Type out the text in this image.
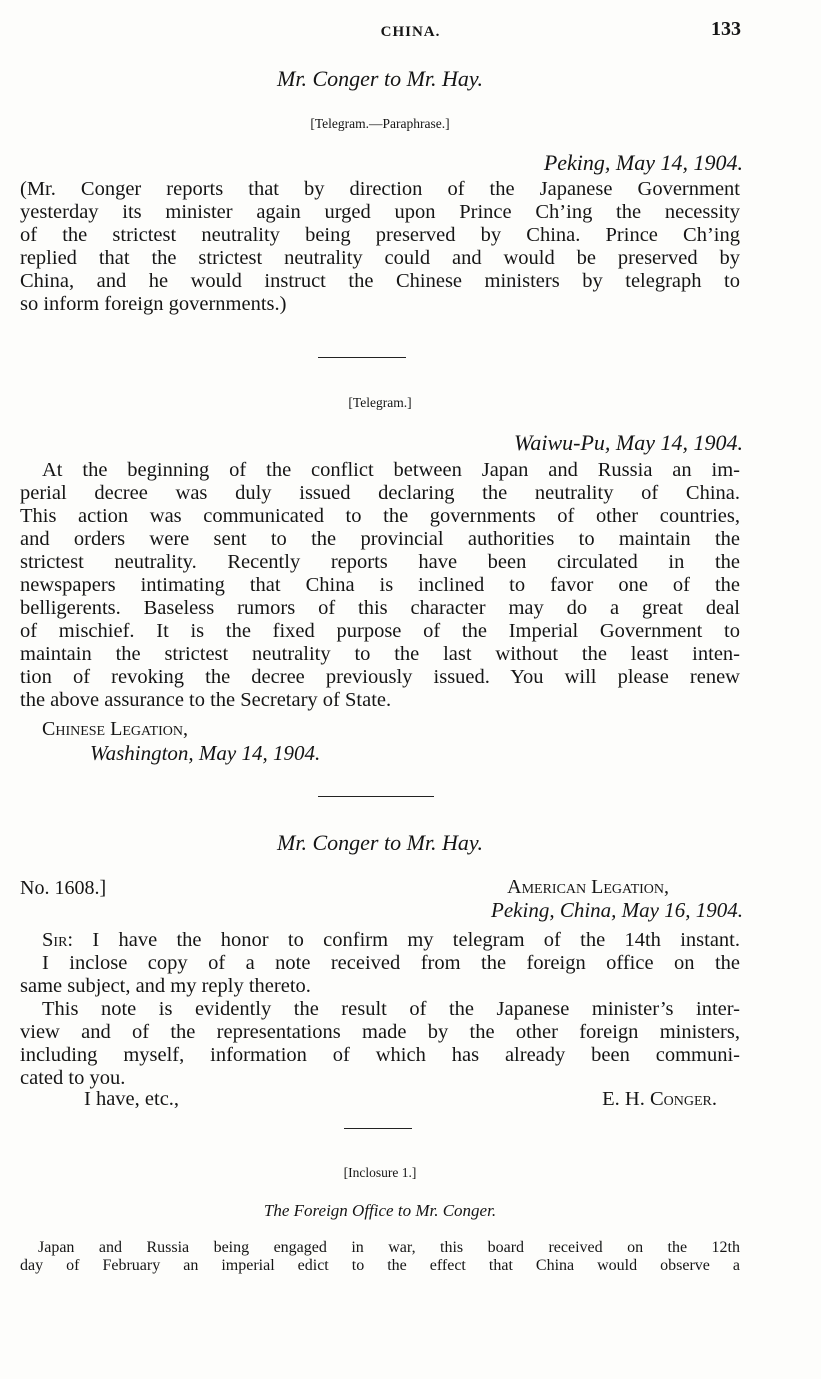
CHINA.	133
Mr. Conger to Mr. Hay.
[Telegram.—Paraphrase.]
Peking, May 14, 1904.
(Mr. Conger reports that by direction of the Japanese Government
yesterday its minister again urged upon Prince Ch’ing the necessity
of the strictest neutrality being preserved by China. Prince Ch’ing
replied that the strictest neutrality could and would be preserved by
China, and he would instruct the Chinese ministers by telegraph to
so inform foreign governments.)
[Telegram.]
Waiwu-Pu, May 14, 1904.
At the beginning of the conflict between Japan and Russia an im-
perial decree was duly issued declaring the neutrality of China.
This action was communicated to the governments of other countries,
and orders were sent to the provincial authorities to maintain the
strictest neutrality. Recently reports have been circulated in the
newspapers intimating that China is inclined to favor one of the
belligerents. Baseless rumors of this character may do a great deal
of mischief. It is the fixed purpose of the Imperial Government to
maintain the strictest neutrality to the last without the least inten-
tion of revoking the decree previously issued. You will please renew
the above assurance to the Secretary of State.
Chinese Legation,
Washington, May 14, 1904.
Mr. Conger to Mr. Hay.
No. 1608.]	American Legation,
Peking, China, May 16, 1904.
Sir: I have the honor to confirm my telegram of the 14th instant.
I inclose copy of a note received from the foreign office on the
same subject, and my reply thereto.
This note is evidently the result of the Japanese minister’s inter-
view and of the representations made by the other foreign ministers,
including myself, information of which has already been communi-
cated to you.
I have, etc.,	E. H. Conger.
[Inclosure 1.]
The Foreign Office to Mr. Conger.
Japan and Russia being engaged in war, this board received on the 12th
day of February an imperial edict to the effect that China would observe a
